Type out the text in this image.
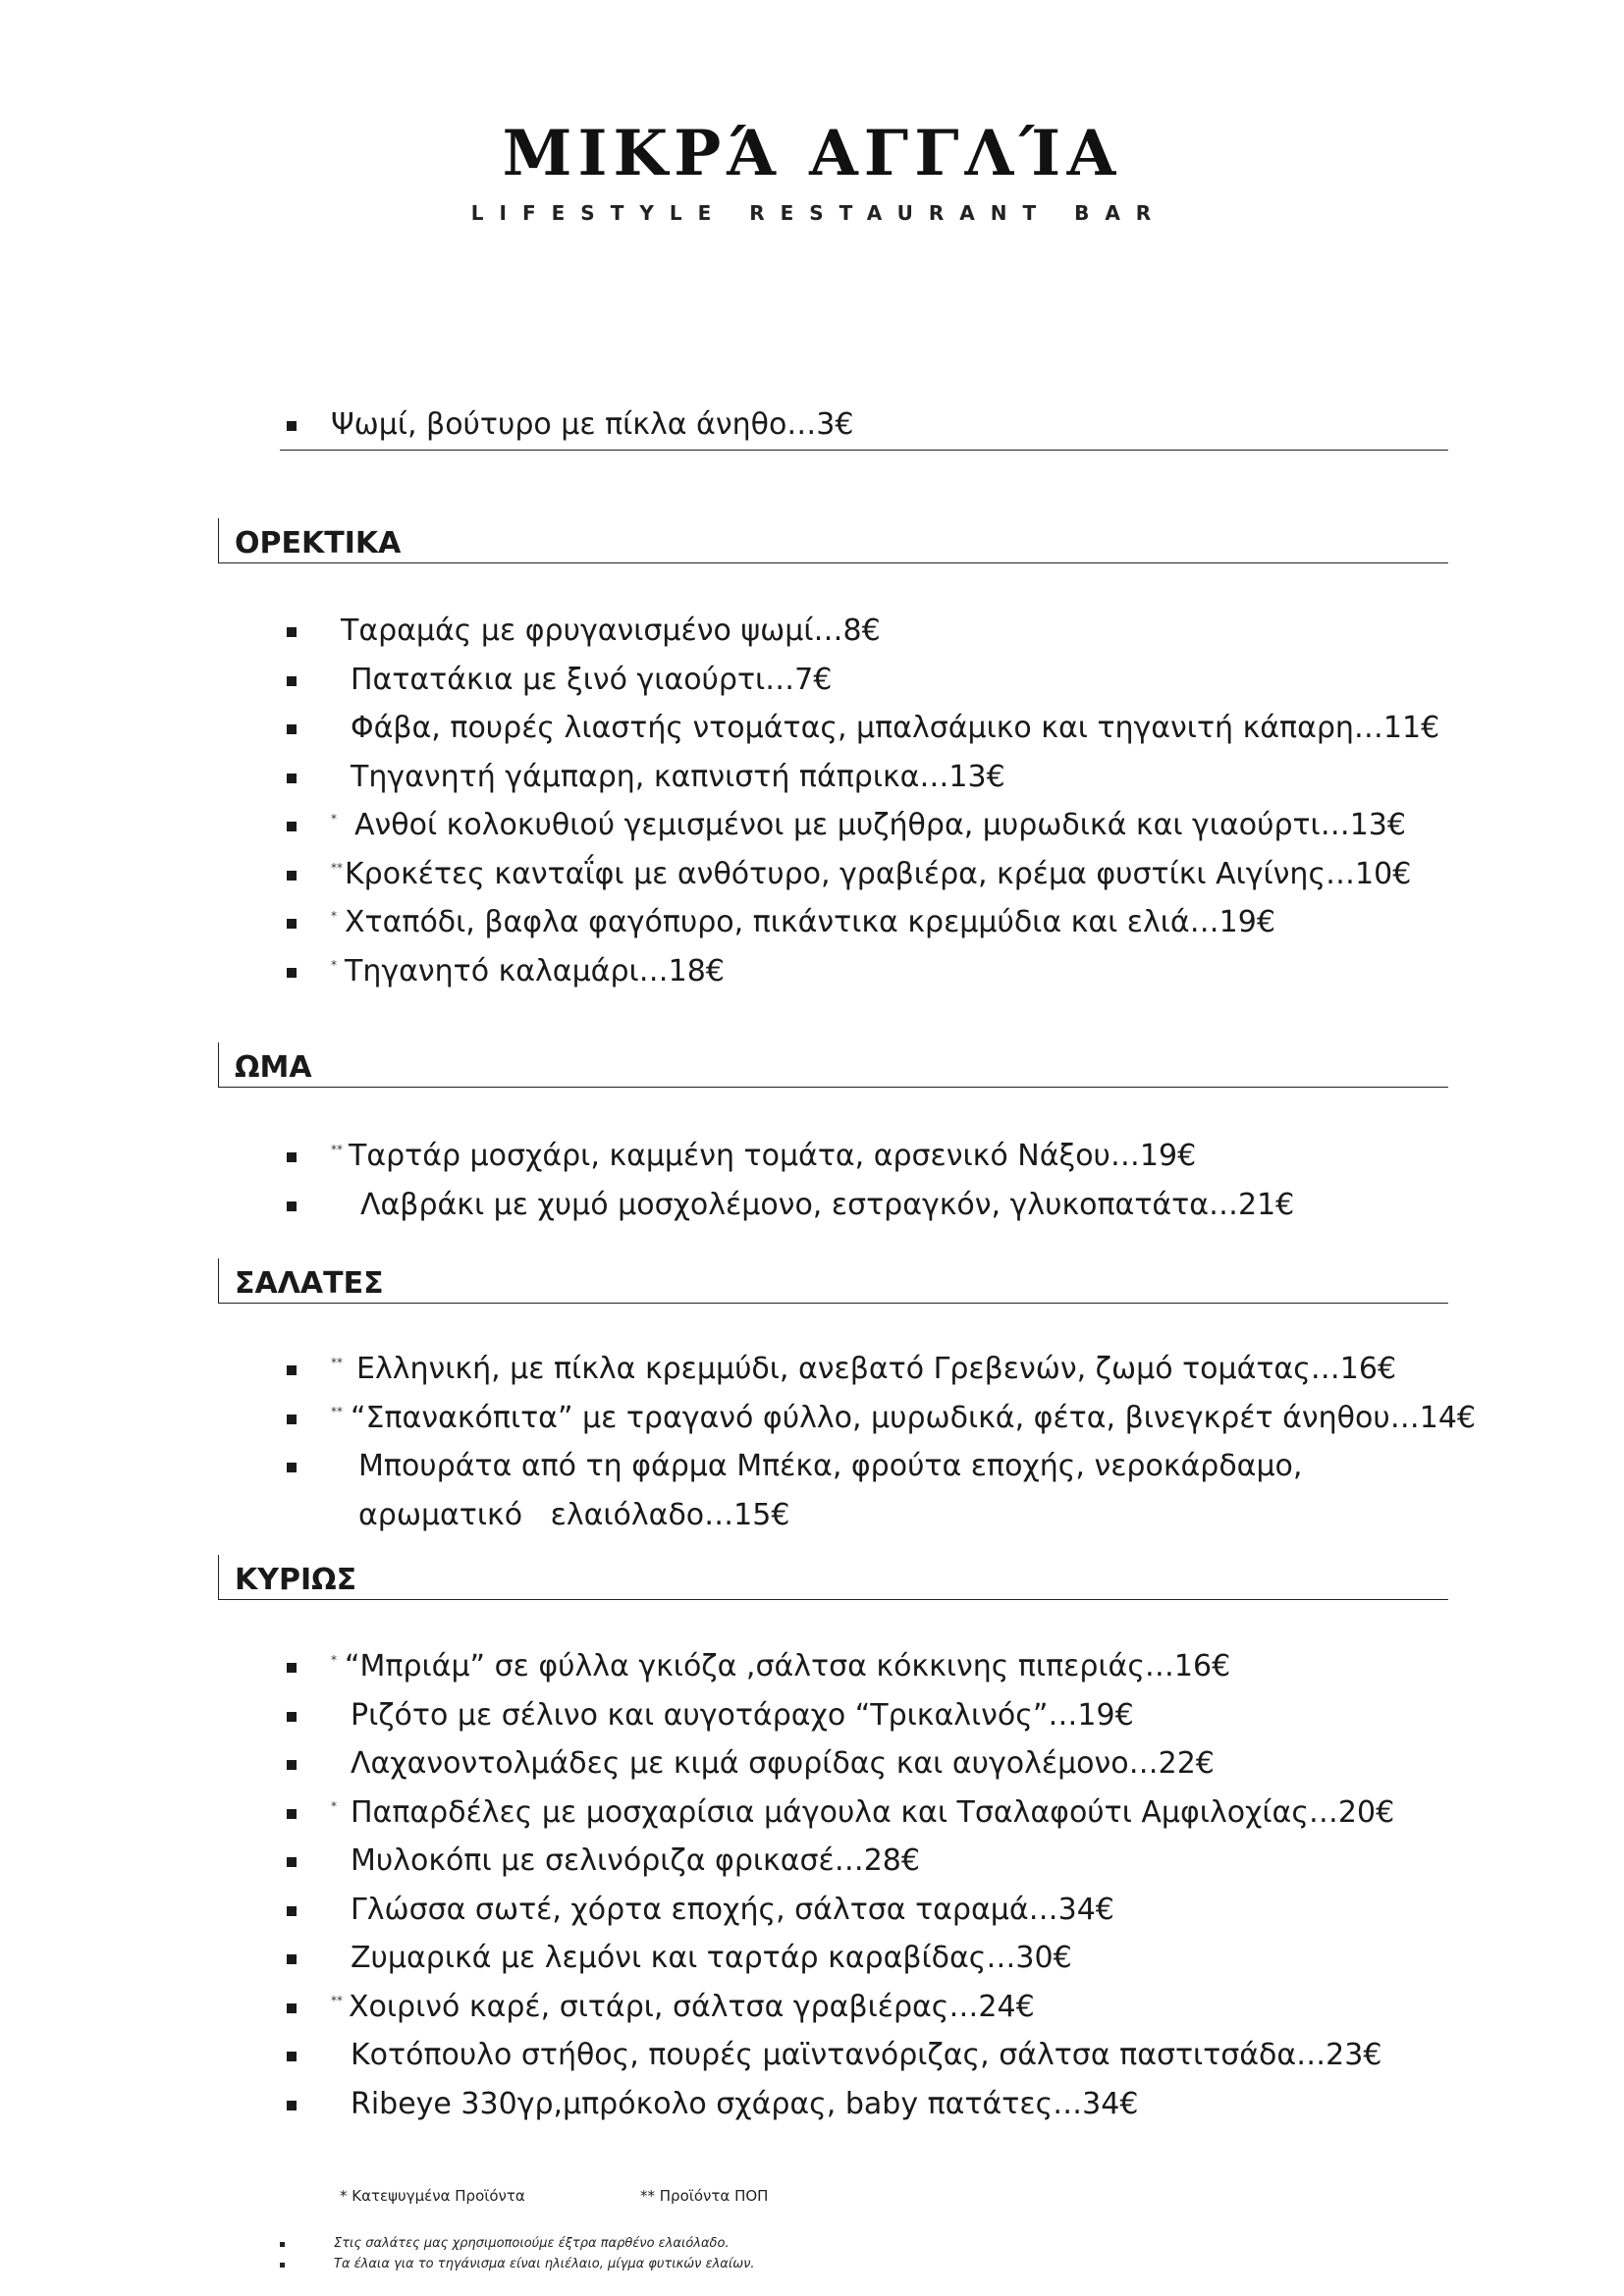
ΜΙΚΡΆ ΑΓΓΛΊΑ
LIFESTYLE RESTAURANT BAR
Ψωμί, βούτυρο με πίκλα άνηθο…3€
ΟΡΕΚΤΙΚΑ
Ταραμάς με φρυγανισμένο ψωμί…8€
Πατατάκια με ξινό γιαούρτι…7€
Φάβα, πουρές λιαστής ντομάτας, μπαλσάμικο και τηγανιτή κάπαρη…11€
Τηγανητή γάμπαρη, καπνιστή πάπρικα…13€
* Ανθοί κολοκυθιού γεμισμένοι με μυζήθρα, μυρωδικά και γιαούρτι…13€
** Κροκέτες κανταΐφι με ανθότυρο, γραβιέρα, κρέμα φυστίκι Αιγίνης…10€
* Χταπόδι, βαφλα φαγόπυρο, πικάντικα κρεμμύδια και ελιά…19€
* Τηγανητό καλαμάρι…18€
ΩΜΑ
** Ταρτάρ μοσχάρι, καμμένη τομάτα, αρσενικό Νάξου…19€
Λαβράκι με χυμό μοσχολέμονο, εστραγκόν, γλυκοπατάτα…21€
ΣΑΛΑΤΕΣ
** Ελληνική, με πίκλα κρεμμύδι, ανεβατό Γρεβενών, ζωμό τομάτας…16€
** “Σπανακόπιτα” με τραγανό φύλλο, μυρωδικά, φέτα, βινεγκρέτ άνηθου…14€
Μπουράτα από τη φάρμα Μπέκα, φρούτα εποχής, νεροκάρδαμο,
αρωματικό   ελαιόλαδο…15€
ΚΥΡΙΩΣ
* “Μπριάμ” σε φύλλα γκιόζα ,σάλτσα κόκκινης πιπεριάς…16€
Ριζότο με σέλινο και αυγοτάραχο “Τρικαλινός”…19€
Λαχανοντολμάδες με κιμά σφυρίδας και αυγολέμονο…22€
* Παπαρδέλες με μοσχαρίσια μάγουλα και Τσαλαφούτι Αμφιλοχίας…20€
Μυλοκόπι με σελινόριζα φρικασέ…28€
Γλώσσα σωτέ, χόρτα εποχής, σάλτσα ταραμά…34€
Ζυμαρικά με λεμόνι και ταρτάρ καραβίδας…30€
** Χοιρινό καρέ, σιτάρι, σάλτσα γραβιέρας…24€
Κοτόπουλο στήθος, πουρές μαϊντανόριζας, σάλτσα παστιτσάδα…23€
Ribeye 330γρ,μπρόκολο σχάρας, baby πατάτες…34€
* Κατεψυγμένα Προϊόντα	** Προϊόντα ΠΟΠ
Στις σαλάτες μας χρησιμοποιούμε έξτρα παρθένο ελαιόλαδο.
Τα έλαια για το τηγάνισμα είναι ηλιέλαιο, μίγμα φυτικών ελαίων.
